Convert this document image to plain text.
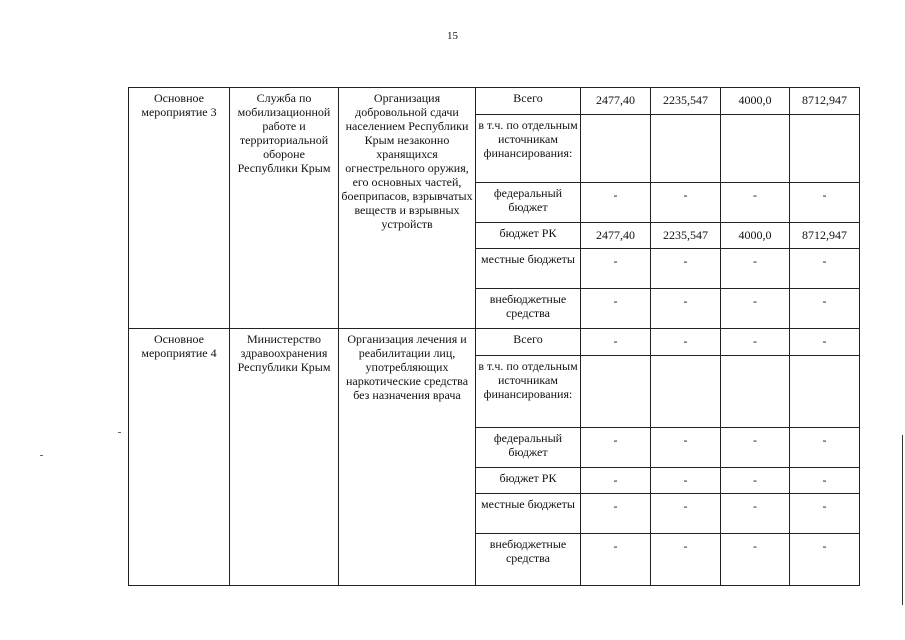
15
Основное мероприятие 3	Служба по мобилизационной работе и территориальной обороне Республики Крым	Организация добровольной сдачи населением Республики Крым незаконно хранящихся огнестрельного оружия, его основных частей, боеприпасов, взрывчатых веществ и взрывных устройств	Всего	2477,40	2235,547	4000,0	8712,947
			в т.ч. по отдельным источникам финансирования:				
			федеральный бюджет	-	-	-	-
			бюджет РК	2477,40	2235,547	4000,0	8712,947
			местные бюджеты	-	-	-	-
			внебюджетные средства	-	-	-	-
Основное мероприятие 4	Министерство здравоохранения Республики Крым	Организация лечения и реабилитации лиц, употребляющих наркотические средства без назначения врача	Всего	-	-	-	-
			в т.ч. по отдельным источникам финансирования:				
			федеральный бюджет	-	-	-	-
			бюджет РК	-	-	-	-
			местные бюджеты	-	-	-	-
			внебюджетные средства	-	-	-	-
